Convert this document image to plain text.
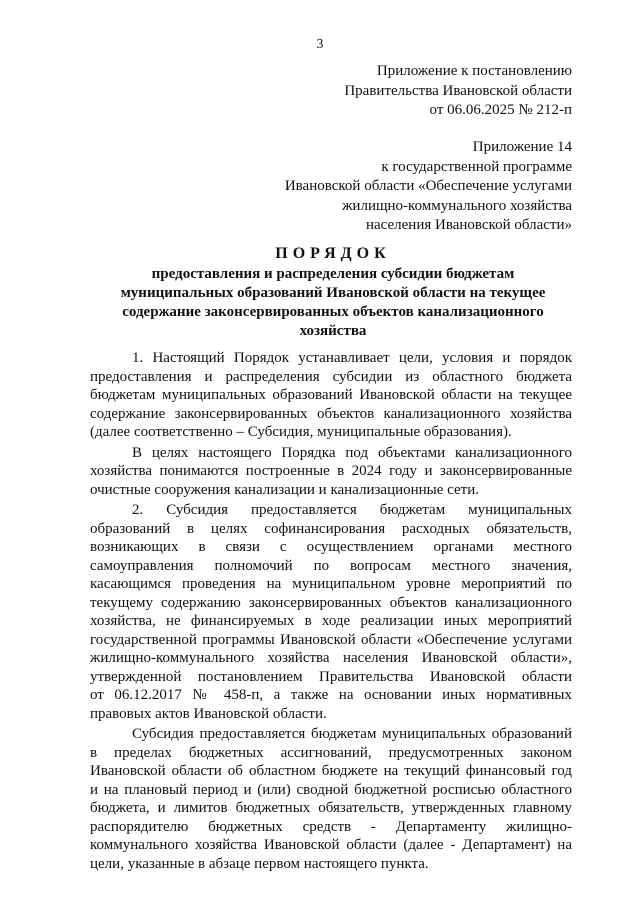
3
Приложение к постановлению
Правительства Ивановской области
от 06.06.2025 № 212-п
Приложение 14
к государственной программе
Ивановской области «Обеспечение услугами
жилищно-коммунального хозяйства
населения Ивановской области»
ПОРЯДОК
предоставления и распределения субсидии бюджетам
муниципальных образований Ивановской области на текущее
содержание законсервированных объектов канализационного
хозяйства

1. Настоящий Порядок устанавливает цели, условия и порядок
предоставления и распределения субсидии из областного бюджета
бюджетам муниципальных образований Ивановской области на текущее
содержание законсервированных объектов канализационного хозяйства
(далее соответственно – Субсидия, муниципальные образования).

В целях настоящего Порядка под объектами канализационного
хозяйства понимаются построенные в 2024 году и законсервированные
очистные сооружения канализации и канализационные сети.

2. Субсидия предоставляется бюджетам муниципальных
образований в целях софинансирования расходных обязательств,
возникающих в связи с осуществлением органами местного
самоуправления полномочий по вопросам местного значения,
касающимся проведения на муниципальном уровне мероприятий по
текущему содержанию законсервированных объектов канализационного
хозяйства, не финансируемых в ходе реализации иных мероприятий
государственной программы Ивановской области «Обеспечение услугами
жилищно-коммунального хозяйства населения Ивановской области»,
утвержденной постановлением Правительства Ивановской области
от 06.12.2017 № 458-п, а также на основании иных нормативных
правовых актов Ивановской области.

Субсидия предоставляется бюджетам муниципальных образований
в пределах бюджетных ассигнований, предусмотренных законом
Ивановской области об областном бюджете на текущий финансовый год
и на плановый период и (или) сводной бюджетной росписью областного
бюджета, и лимитов бюджетных обязательств, утвержденных главному
распорядителю бюджетных средств - Департаменту жилищно-
коммунального хозяйства Ивановской области (далее - Департамент) на
цели, указанные в абзаце первом настоящего пункта.
